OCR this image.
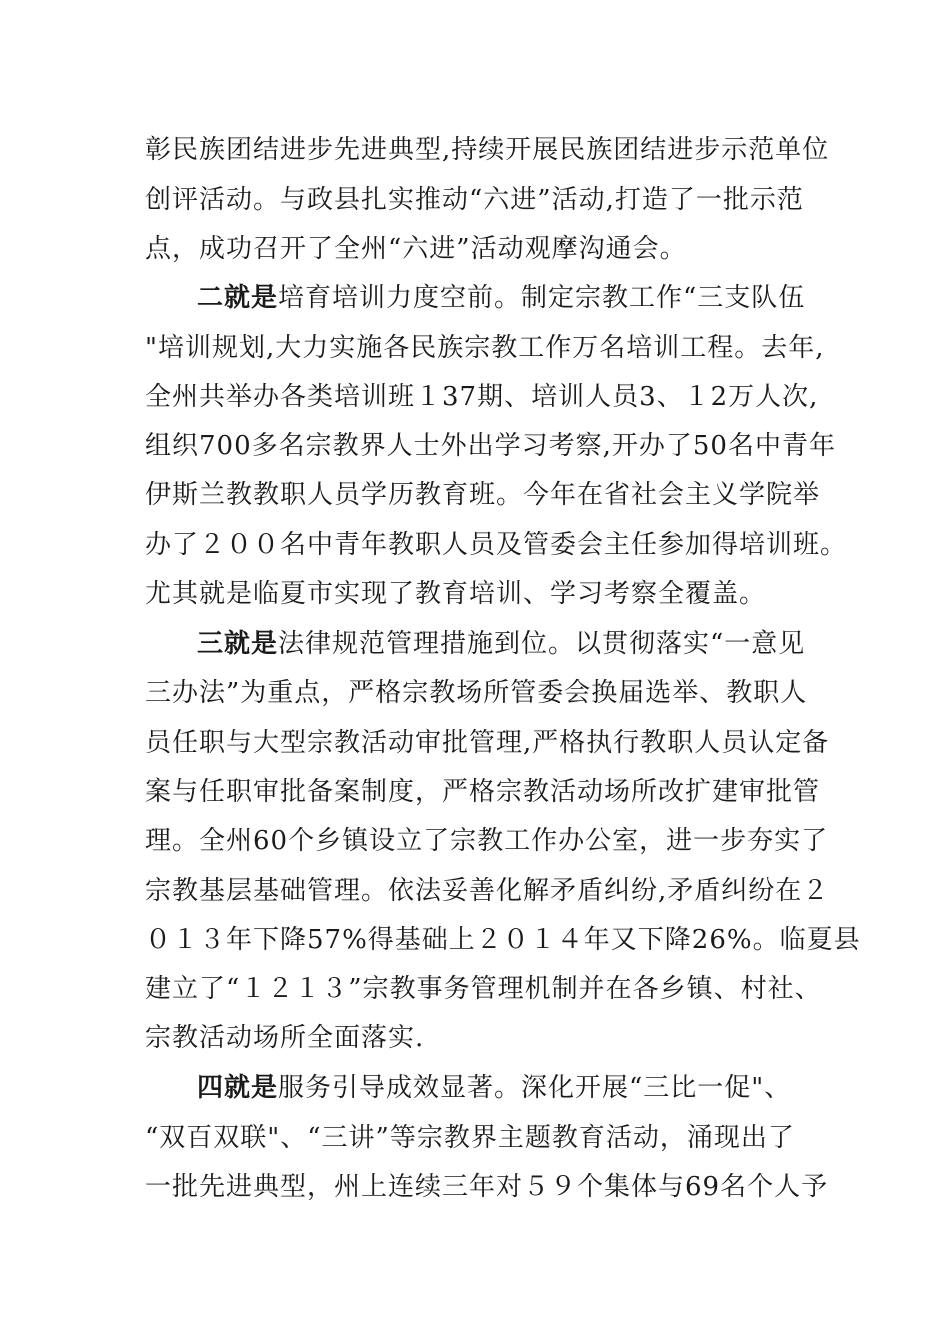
彰民族团结进步先进典型,持续开展民族团结进步示范单位
创评活动。与政县扎实推动“六进”活动,打造了一批示范
点，成功召开了全州“六进”活动观摩沟通会。
二就是培育培训力度空前。制定宗教工作“三支队伍
"培训规划,大力实施各民族宗教工作万名培训工程。去年,
全州共举办各类培训班１37期、培训人员3、１2万人次,
组织700多名宗教界人士外出学习考察,开办了50名中青年
伊斯兰教教职人员学历教育班。今年在省社会主义学院举
办了２００名中青年教职人员及管委会主任参加得培训班。
尤其就是临夏市实现了教育培训、学习考察全覆盖。
三就是法律规范管理措施到位。以贯彻落实“一意见
三办法”为重点，严格宗教场所管委会换届选举、教职人
员任职与大型宗教活动审批管理,严格执行教职人员认定备
案与任职审批备案制度，严格宗教活动场所改扩建审批管
理。全州60个乡镇设立了宗教工作办公室，进一步夯实了
宗教基层基础管理。依法妥善化解矛盾纠纷,矛盾纠纷在２
０１３年下降57%得基础上２０１４年又下降26%。临夏县
建立了“１２１３”宗教事务管理机制并在各乡镇、村社、
宗教活动场所全面落实.
四就是服务引导成效显著。深化开展“三比一促"、
“双百双联"、“三讲”等宗教界主题教育活动，涌现出了
一批先进典型，州上连续三年对５９个集体与69名个人予
